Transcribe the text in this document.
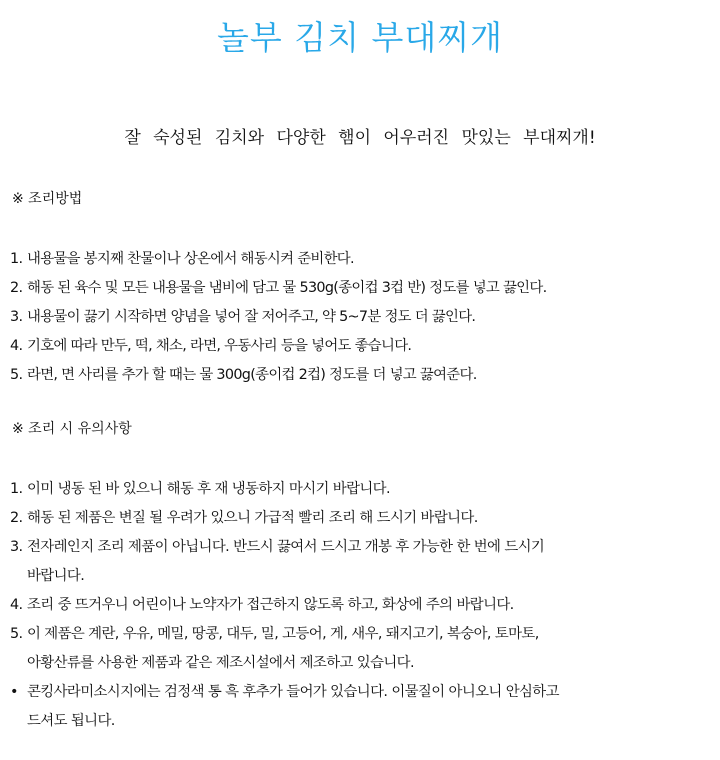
놀부 김치 부대찌개
잘 숙성된 김치와 다양한 햄이 어우러진 맛있는 부대찌개!
※ 조리방법
1. 내용물을 봉지째 찬물이나 상온에서 해동시켜 준비한다.
2. 해동 된 육수 및 모든 내용물을 냄비에 담고 물 530g(종이컵 3컵 반) 정도를 넣고 끓인다.
3. 내용물이 끓기 시작하면 양념을 넣어 잘 저어주고, 약 5~7분 정도 더 끓인다.
4. 기호에 따라 만두, 떡, 채소, 라면, 우동사리 등을 넣어도 좋습니다.
5. 라면, 면 사리를 추가 할 때는 물 300g(종이컵 2컵) 정도를 더 넣고 끓여준다.
※ 조리 시 유의사항
1. 이미 냉동 된 바 있으니 해동 후 재 냉동하지 마시기 바랍니다.
2. 해동 된 제품은 변질 될 우려가 있으니 가급적 빨리 조리 해 드시기 바랍니다.
3. 전자레인지 조리 제품이 아닙니다. 반드시 끓여서 드시고 개봉 후 가능한 한 번에 드시기
바랍니다.
4. 조리 중 뜨거우니 어린이나 노약자가 접근하지 않도록 하고, 화상에 주의 바랍니다.
5. 이 제품은 계란, 우유, 메밀, 땅콩, 대두, 밀, 고등어, 게, 새우, 돼지고기, 복숭아, 토마토,
아황산류를 사용한 제품과 같은 제조시설에서 제조하고 있습니다.
• 콘킹사라미소시지에는 검정색 통 흑 후추가 들어가 있습니다. 이물질이 아니오니 안심하고
드셔도 됩니다.
